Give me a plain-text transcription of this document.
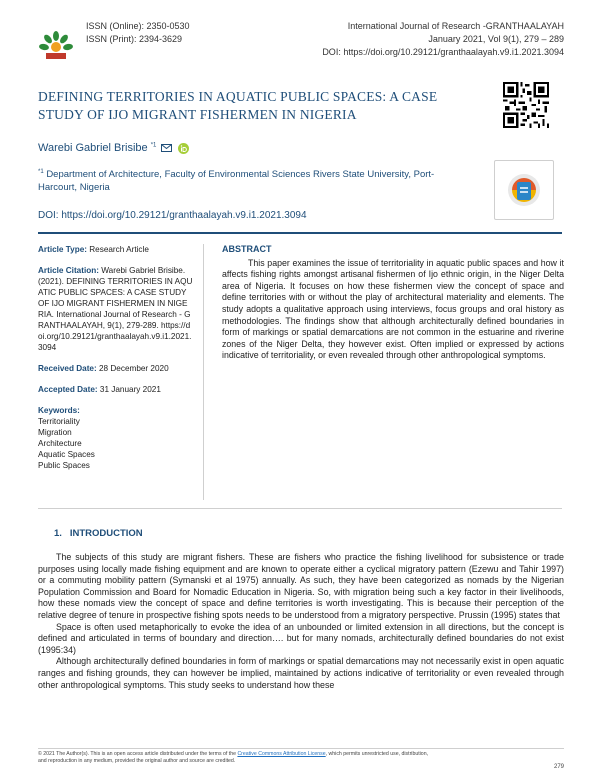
ISSN (Online): 2350-0530
ISSN (Print): 2394-3629
International Journal of Research -GRANTHAALAYAH
January 2021, Vol 9(1), 279 – 289
DOI: https://doi.org/10.29121/granthaalayah.v9.i1.2021.3094
DEFINING TERRITORIES IN AQUATIC PUBLIC SPACES: A CASE STUDY OF IJO MIGRANT FISHERMEN IN NIGERIA
Warebi Gabriel Brisibe $^{*1}$
$^{*1}$ Department of Architecture, Faculty of Environmental Sciences Rivers State University, Port-Harcourt, Nigeria
DOI: https://doi.org/10.29121/granthaalayah.v9.i1.2021.3094
Article Type: Research Article
Article Citation: Warebi Gabriel Brisibe. (2021). DEFINING TERRITORIES IN AQUATIC PUBLIC SPACES: A CASE STUDY OF IJO MIGRANT FISHERMEN IN NIGERIA. International Journal of Research - GRANTHAALAYAH, 9(1), 279-289. https://doi.org/10.29121/granthaalayah.v9.i1.2021.3094
Received Date: 28 December 2020
Accepted Date: 31 January 2021
Keywords:
Territoriality
Migration
Architecture
Aquatic Spaces
Public Spaces
ABSTRACT

This paper examines the issue of territoriality in aquatic public spaces and how it affects fishing rights amongst artisanal fishermen of Ijo ethnic origin, in the Niger Delta area of Nigeria. It focuses on how these fishermen view the concept of space and define territories with or without the play of architectural materiality and elements. The study adopts a qualitative approach using interviews, focus groups and oral history as methodologies. The findings show that although architecturally defined boundaries in form of markings or spatial demarcations are not common in the estuarine and riverine zones of the Niger Delta, they however exist. Often implied or expressed by actions indicative of territoriality, or even revealed through other anthropological symptoms.

1.   INTRODUCTION

The subjects of this study are migrant fishers. These are fishers who practice the fishing livelihood for subsistence or trade purposes using locally made fishing equipment and are known to operate either a cyclical migratory pattern (Ezewu and Tahir 1997) or a commuting mobility pattern (Symanski et al 1975) annually. As such, they have been categorized as nomads by the Nigerian Population Commission and Board for Nomadic Education in Nigeria. So, with migration being such a key factor in their livelihoods, how these nomads view the concept of space and define territories is worth investigating. This is because their perception of the relative degree of tenure in prospective fishing spots needs to be understood from a migratory perspective. Prussin (1995) states that

Space is often used metaphorically to evoke the idea of an unbounded or limited extension in all directions, but the concept is defined and articulated in terms of boundary and direction…. but for many nomads, architecturally defined boundaries do not exist (1995:34)

Although architecturally defined boundaries in form of markings or spatial demarcations may not necessarily exist in open aquatic ranges and fishing grounds, they can however be implied, maintained by actions indicative of territoriality or even revealed through other anthropological symptoms. This study seeks to understand how these

© 2021 The Author(s). This is an open access article distributed under the terms of the Creative Commons Attribution License, which permits unrestricted use, distribution,
and reproduction in any medium, provided the original author and source are credited.
279
